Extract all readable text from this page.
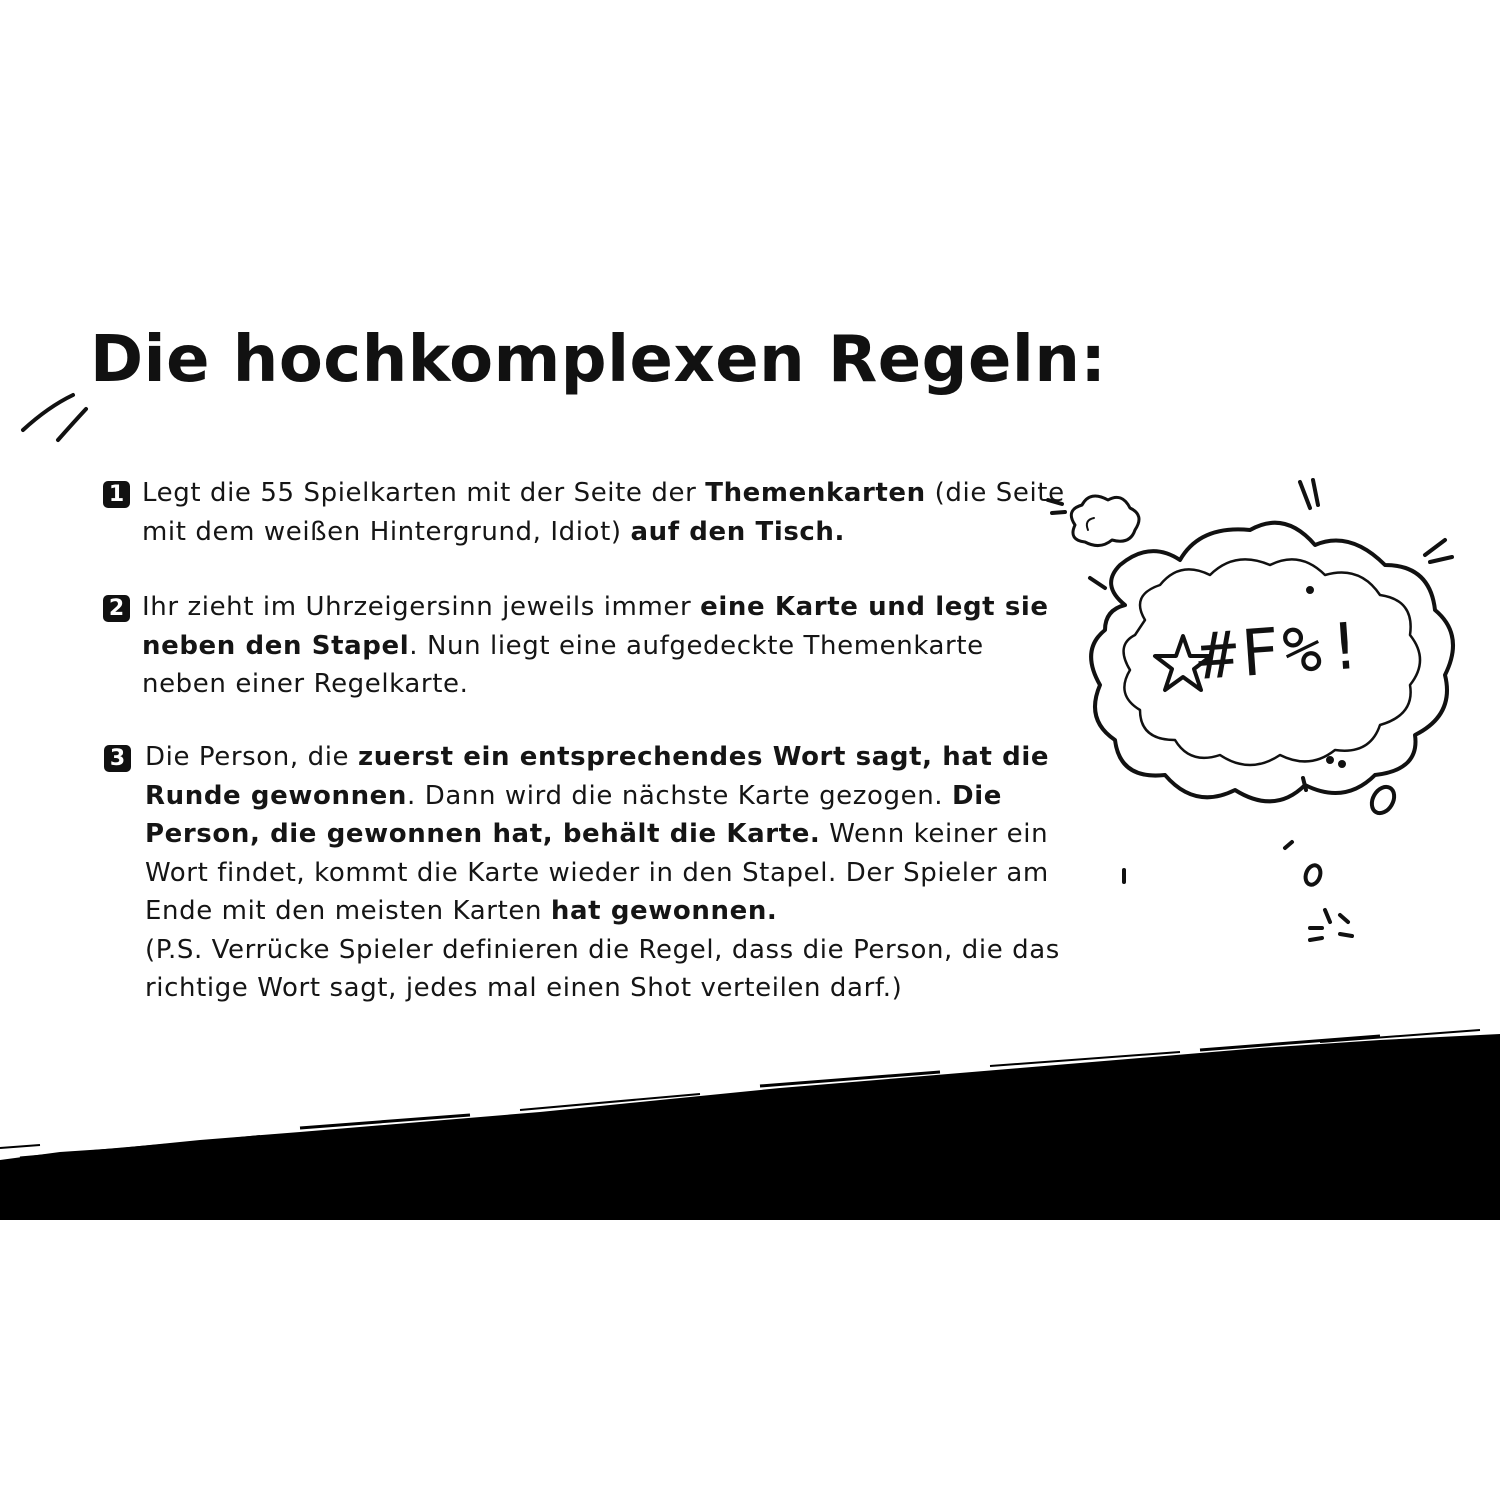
Die hochkomplexen Regeln:
1 Legt die 55 Spielkarten mit der Seite der Themenkarten (die Seite mit dem weißen Hintergrund, Idiot) auf den Tisch.

2 Ihr zieht im Uhrzeigersinn jeweils immer eine Karte und legt sie neben den Stapel. Nun liegt eine aufgedeckte Themenkarte neben einer Regelkarte.

3 Die Person, die zuerst ein entsprechendes Wort sagt, hat die Runde gewonnen. Dann wird die nächste Karte gezogen. Die Person, die gewonnen hat, behält die Karte. Wenn keiner ein Wort findet, kommt die Karte wieder in den Stapel. Der Spieler am Ende mit den meisten Karten hat gewonnen.
(P.S. Verrücke Spieler definieren die Regel, dass die Person, die das richtige Wort sagt, jedes mal einen Shot verteilen darf.)

#F%!
